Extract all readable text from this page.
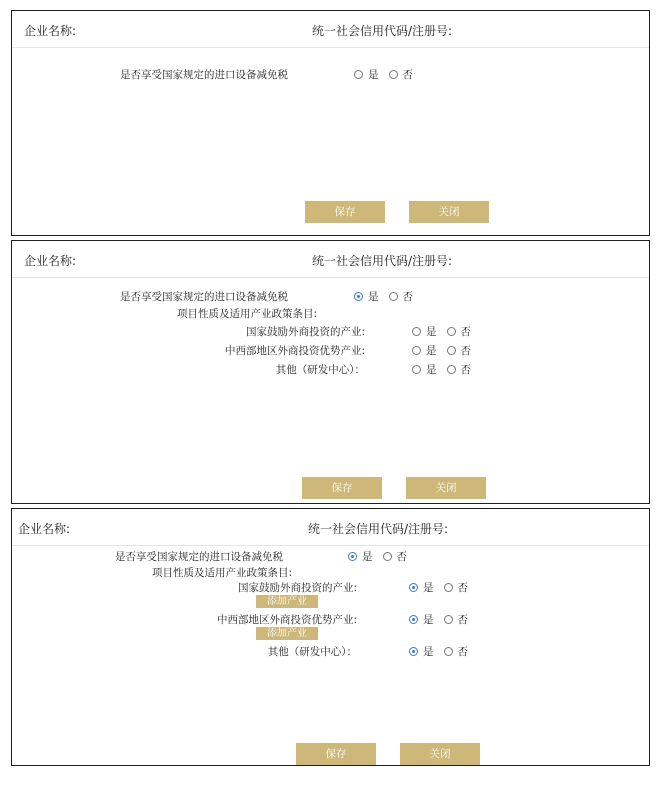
企业名称:	统一社会信用代码/注册号:
是否享受国家规定的进口设备减免税	是 否
保存	关闭
企业名称:	统一社会信用代码/注册号:
是否享受国家规定的进口设备减免税	是 否
项目性质及适用产业政策条目:
国家鼓励外商投资的产业:	是 否
中西部地区外商投资优势产业:	是 否
其他（研发中心）：	是 否
保存	关闭
企业名称:	统一社会信用代码/注册号:
是否享受国家规定的进口设备减免税	是 否
项目性质及适用产业政策条目:
国家鼓励外商投资的产业:	是 否
添加产业
中西部地区外商投资优势产业:	是 否
添加产业
其他（研发中心）：	是 否
保存	关闭
